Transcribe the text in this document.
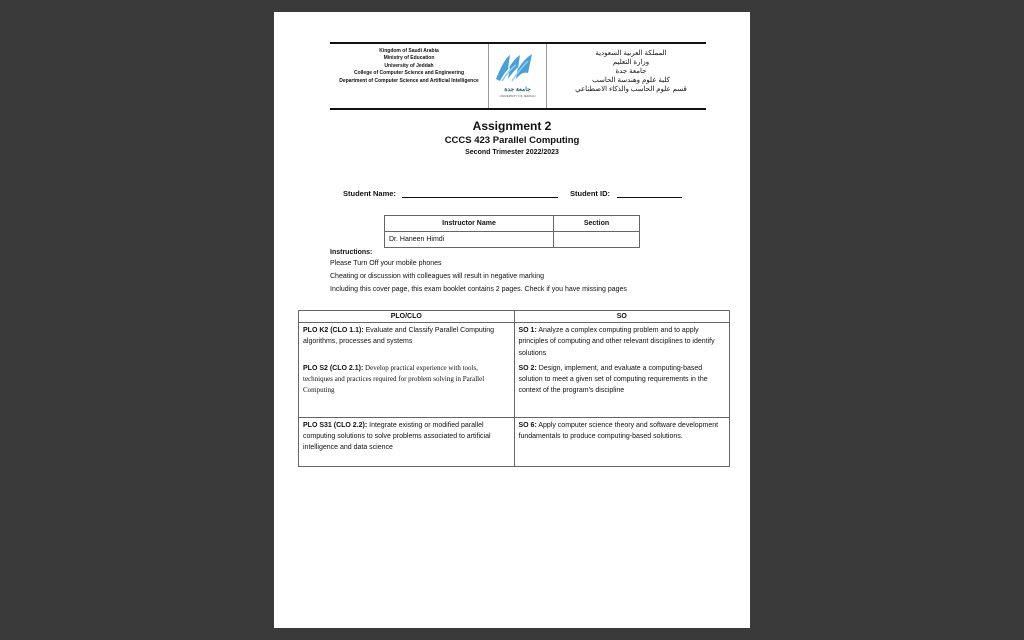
Kingdom of Saudi Arabia
Ministry of Education
University of Jeddah
College of Computer Science and Engineering
Department of Computer Science and Artificial Intelligence
جامعة جدة
UNIVERSITY OF JEDDAH
المملكة العربية السعودية
وزارة التعليم
جامعة جدة
كلية علوم وهندسة الحاسب
قسم علوم الحاسب والذكاء الاصطناعي
Assignment 2
CCCS 423 Parallel Computing
Second Trimester 2022/2023
Student Name:	Student ID:
Instructor Name	Section
Dr. Haneen Himdi	
Instructions:
Please Turn Off your mobile phones
Cheating or discussion with colleagues will result in negative marking
Including this cover page, this exam booklet contains 2 pages. Check if you have missing pages
PLO/CLO	SO
PLO K2 (CLO 1.1): Evaluate and Classify Parallel Computing algorithms, processes and systems	SO 1: Analyze a complex computing problem and to apply principles of computing and other relevant disciplines to identify solutions
PLO S2 (CLO 2.1): Develop practical experience with tools, techniques and practices required for problem solving in Parallel Computing	SO 2: Design, implement, and evaluate a computing-based solution to meet a given set of computing requirements in the context of the program’s discipline
PLO S31 (CLO 2.2): Integrate existing or modified parallel computing solutions to solve problems associated to artificial intelligence and data science	SO 6: Apply computer science theory and software development fundamentals to produce computing-based solutions.
